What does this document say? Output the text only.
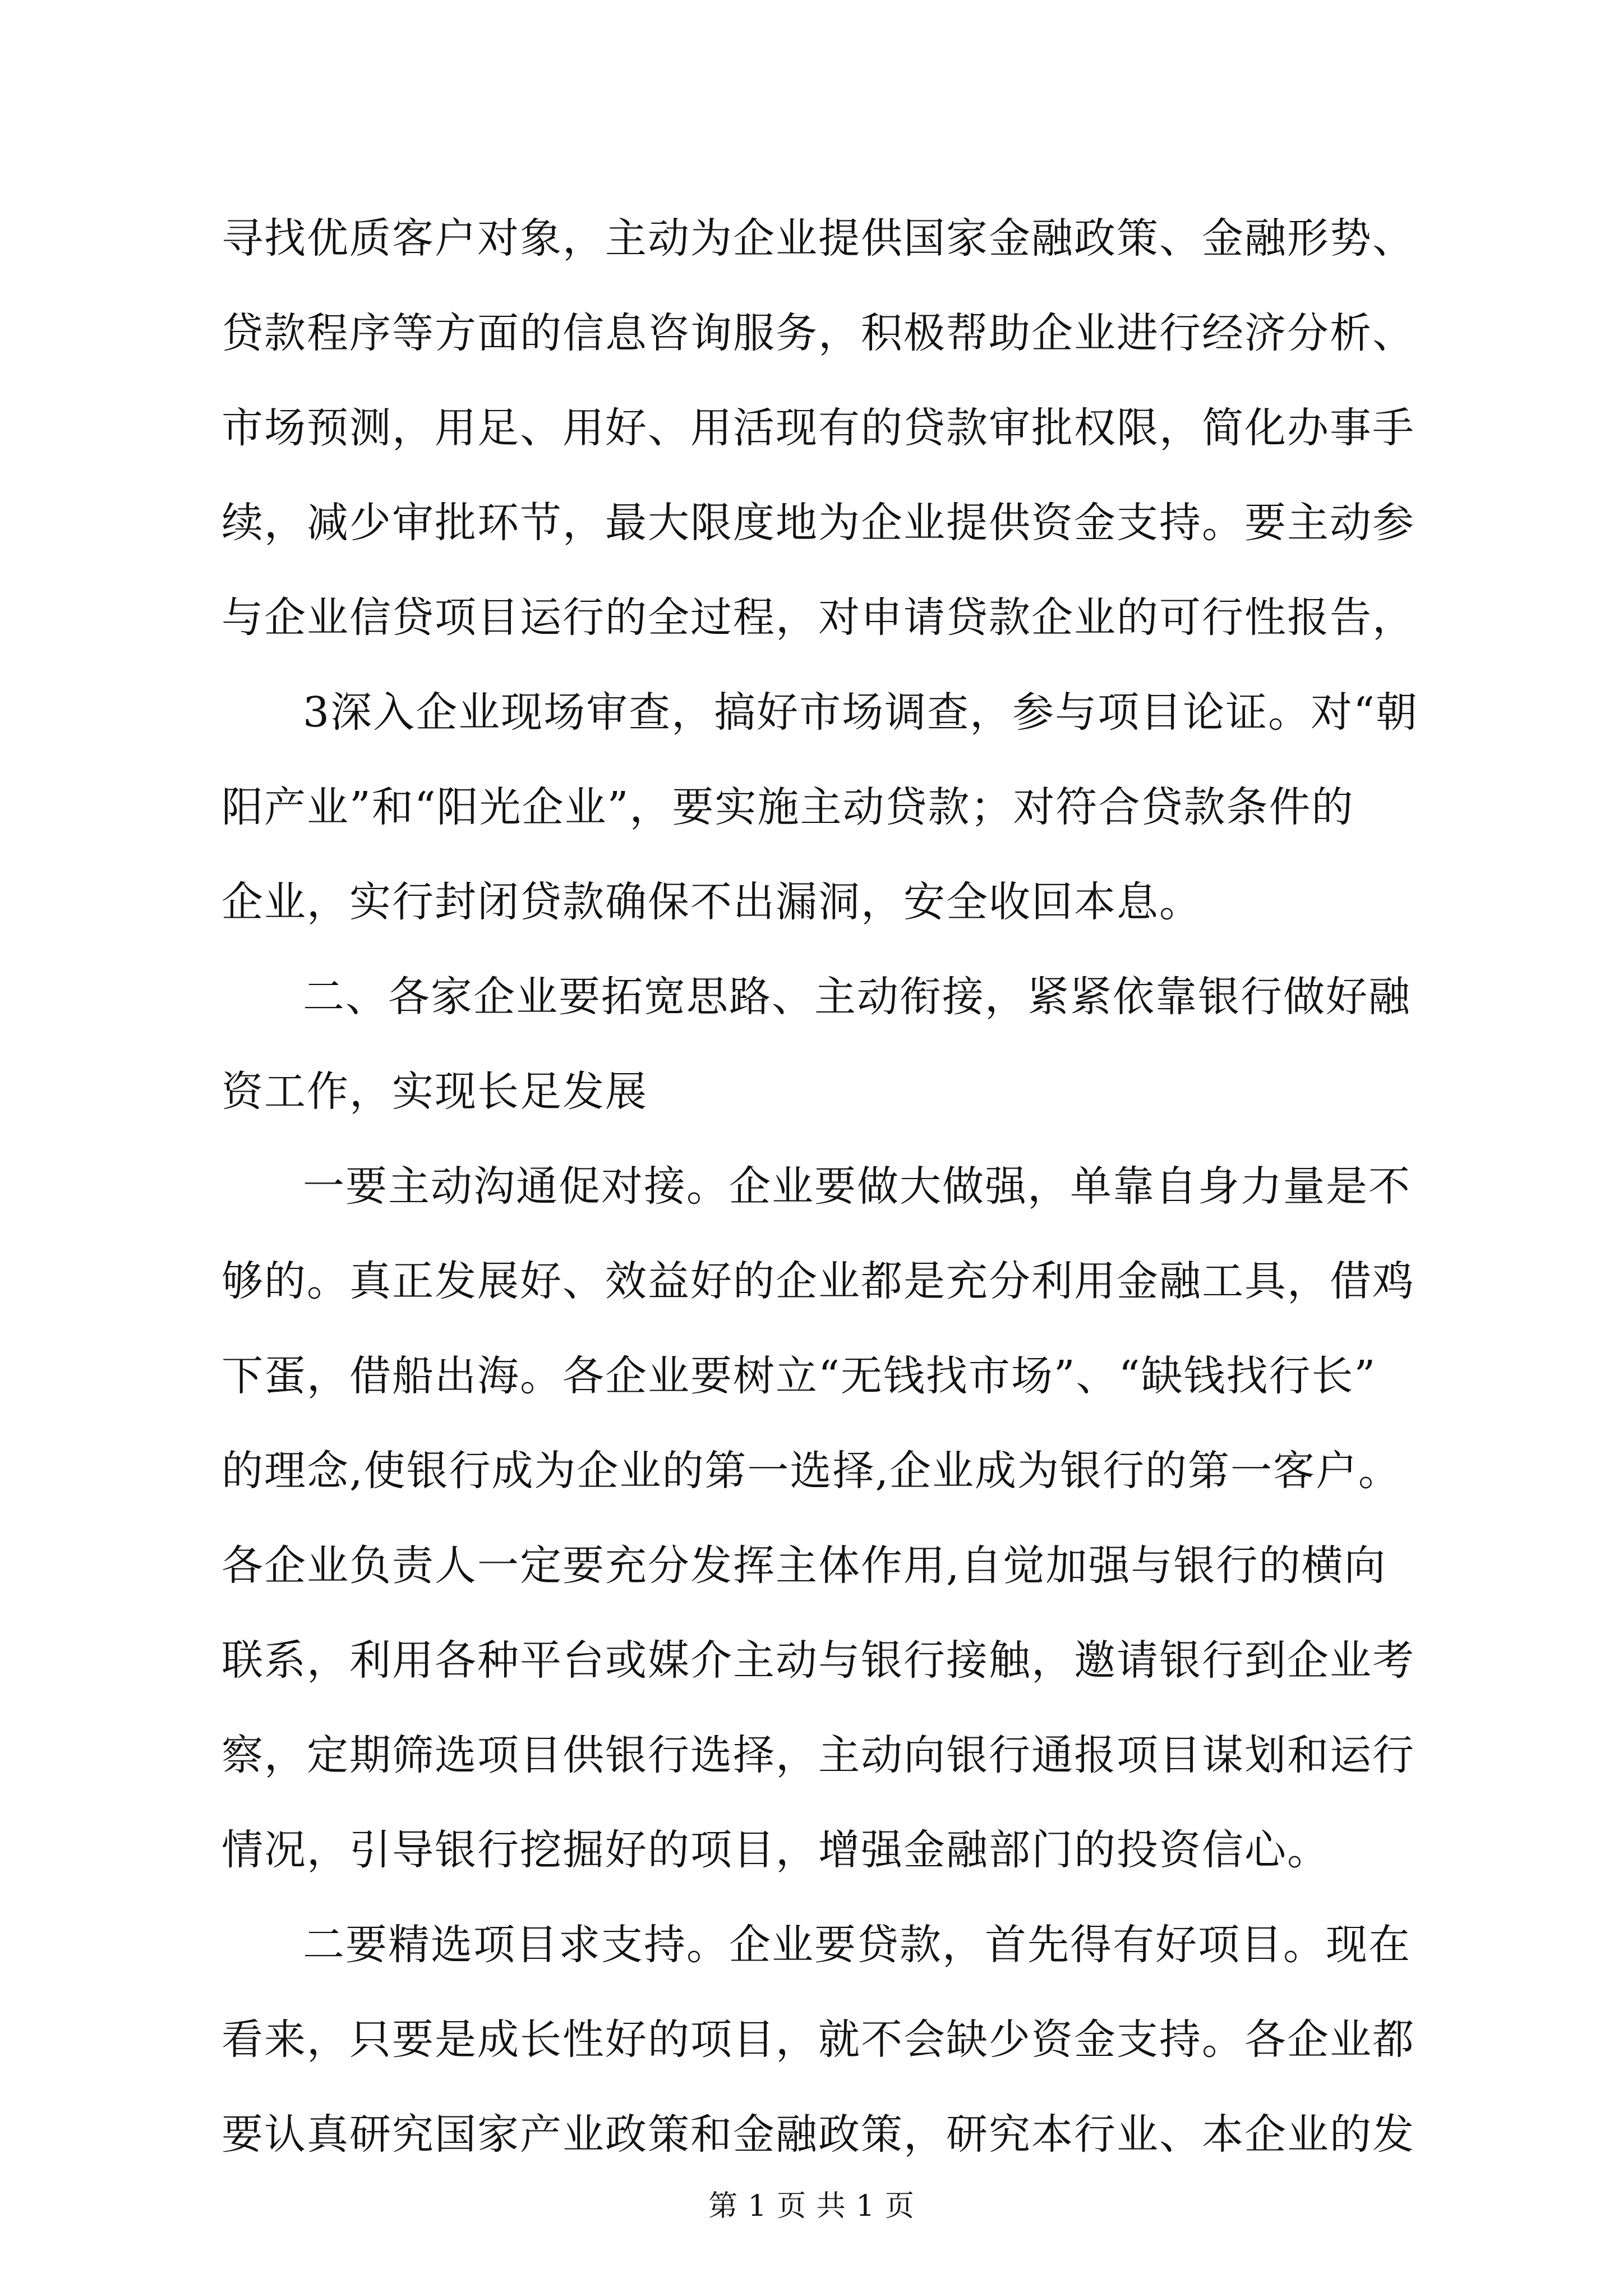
寻找优质客户对象，主动为企业提供国家金融政策、金融形势、
贷款程序等方面的信息咨询服务，积极帮助企业进行经济分析、
市场预测，用足、用好、用活现有的贷款审批权限，简化办事手
续，减少审批环节，最大限度地为企业提供资金支持。要主动参
与企业信贷项目运行的全过程，对申请贷款企业的可行性报告，
3深入企业现场审查，搞好市场调查，参与项目论证。对“朝
阳产业”和“阳光企业”，要实施主动贷款；对符合贷款条件的
企业，实行封闭贷款确保不出漏洞，安全收回本息。
二、各家企业要拓宽思路、主动衔接，紧紧依靠银行做好融
资工作，实现长足发展
一要主动沟通促对接。企业要做大做强，单靠自身力量是不
够的。真正发展好、效益好的企业都是充分利用金融工具，借鸡
下蛋，借船出海。各企业要树立“无钱找市场”、“缺钱找行长”
的理念,使银行成为企业的第一选择,企业成为银行的第一客户。
各企业负责人一定要充分发挥主体作用,自觉加强与银行的横向
联系，利用各种平台或媒介主动与银行接触，邀请银行到企业考
察，定期筛选项目供银行选择，主动向银行通报项目谋划和运行
情况，引导银行挖掘好的项目，增强金融部门的投资信心。
二要精选项目求支持。企业要贷款，首先得有好项目。现在
看来，只要是成长性好的项目，就不会缺少资金支持。各企业都
要认真研究国家产业政策和金融政策，研究本行业、本企业的发
第 1 页 共 1 页
